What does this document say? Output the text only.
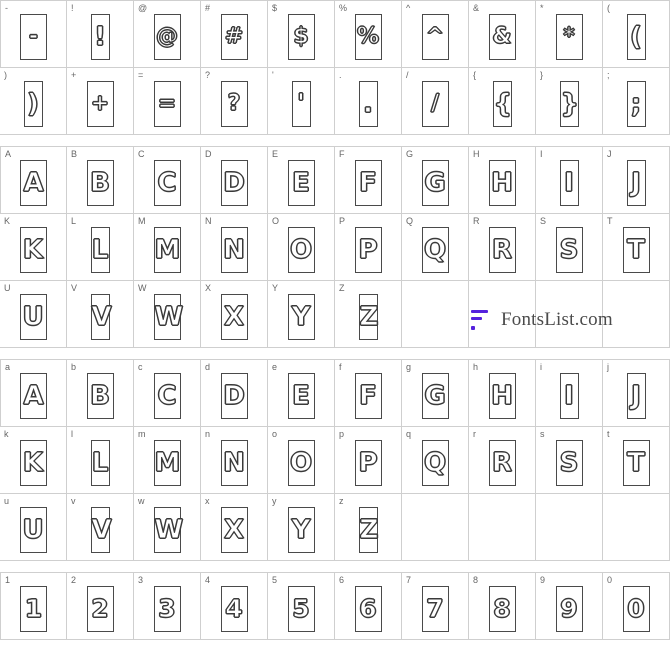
-
-
!
!
@
@
#
#
$
$
%
%
^
^
&
&
*
*
(
(
)
)
+
+
=
=
?
?
'
'
.
.
/
/
{
{
}
}
;
;
A
A
B
B
C
C
D
D
E
E
F
F
G
G
H
H
I
I
J
J
K
K
L
L
M
M
N
N
O
O
P
P
Q
Q
R
R
S
S
T
T
U
U
V
V
W
W
X
X
Y
Y
Z
Z
a
A
b
B
c
C
d
D
e
E
f
F
g
G
h
H
i
I
j
J
k
K
l
L
m
M
n
N
o
O
p
P
q
Q
r
R
s
S
t
T
u
U
v
V
w
W
x
X
y
Y
z
Z
1
1
2
2
3
3
4
4
5
5
6
6
7
7
8
8
9
9
0
0
FontsList.com
